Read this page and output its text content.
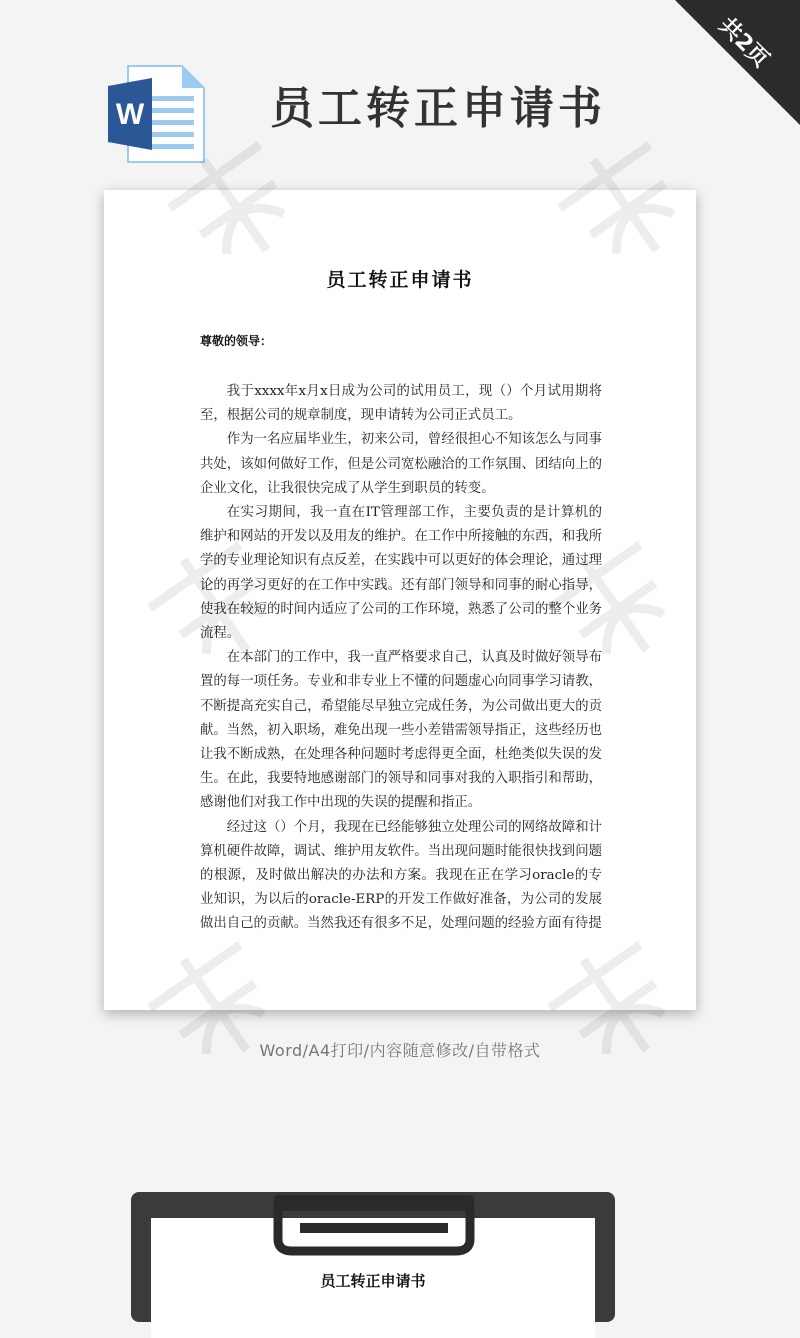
共2页
W	员工转正申请书
员工转正申请书
尊敬的领导：

我于xxxx年x月x日成为公司的试用员工，现（）个月试用期将至，根据公司的规章制度，现申请转为公司正式员工。

作为一名应届毕业生，初来公司，曾经很担心不知该怎么与同事共处，该如何做好工作，但是公司宽松融洽的工作氛围、团结向上的企业文化，让我很快完成了从学生到职员的转变。

在实习期间，我一直在IT管理部工作，主要负责的是计算机的维护和网站的开发以及用友的维护。在工作中所接触的东西，和我所学的专业理论知识有点反差，在实践中可以更好的体会理论，通过理论的再学习更好的在工作中实践。还有部门领导和同事的耐心指导，使我在较短的时间内适应了公司的工作环境，熟悉了公司的整个业务流程。

在本部门的工作中，我一直严格要求自己，认真及时做好领导布置的每一项任务。专业和非专业上不懂的问题虚心向同事学习请教，不断提高充实自己，希望能尽早独立完成任务，为公司做出更大的贡献。当然，初入职场，难免出现一些小差错需领导指正，这些经历也让我不断成熟，在处理各种问题时考虑得更全面，杜绝类似失误的发生。在此，我要特地感谢部门的领导和同事对我的入职指引和帮助，感谢他们对我工作中出现的失误的提醒和指正。

经过这（）个月，我现在已经能够独立处理公司的网络故障和计算机硬件故障，调试、维护用友软件。当出现问题时能很快找到问题的根源，及时做出解决的办法和方案。我现在正在学习oracle的专业知识，为以后的oracle-ERP的开发工作做好准备，为公司的发展做出自己的贡献。当然我还有很多不足，处理问题的经验方面有待提

Word/A4打印/内容随意修改/自带格式
员工转正申请书
